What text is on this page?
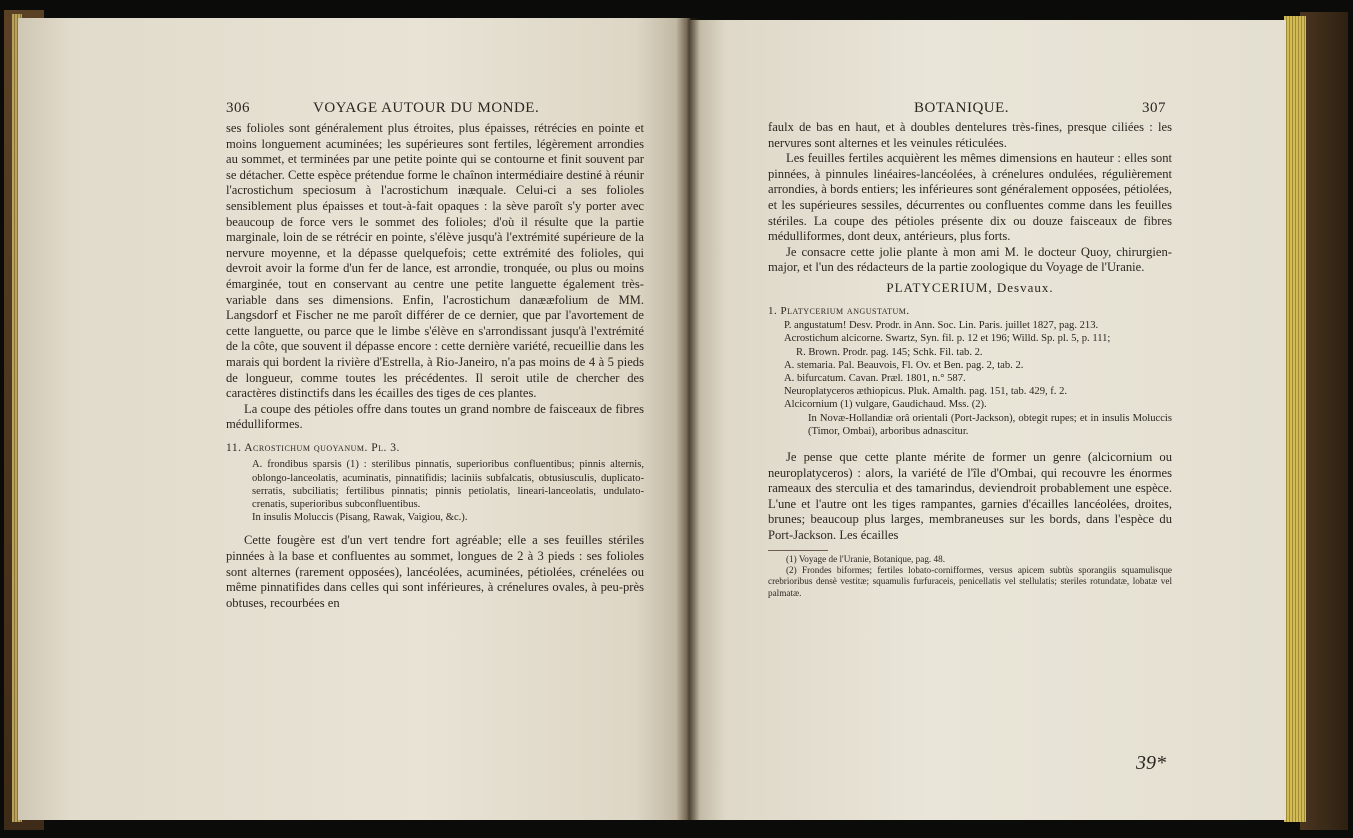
306	VOYAGE AUTOUR DU MONDE.

ses folioles sont généralement plus étroites, plus épaisses, rétrécies en pointe et moins longuement acuminées; les supérieures sont fertiles, légèrement arrondies au sommet, et terminées par une petite pointe qui se contourne et finit souvent par se détacher. Cette espèce prétendue forme le chaînon intermédiaire destiné à réunir l'acrostichum speciosum à l'acrostichum inæquale. Celui-ci a ses folioles sensiblement plus épaisses et tout-à-fait opaques : la sève paroît s'y porter avec beaucoup de force vers le sommet des folioles; d'où il résulte que la partie marginale, loin de se rétrécir en pointe, s'élève jusqu'à l'extrémité supérieure de la nervure moyenne, et la dépasse quelquefois; cette extrémité des folioles, qui devroit avoir la forme d'un fer de lance, est arrondie, tronquée, ou plus ou moins émarginée, tout en conservant au centre une petite languette également très-variable dans ses dimensions. Enfin, l'acrostichum danææfolium de MM. Langsdorf et Fischer ne me paroît différer de ce dernier, que par l'avortement de cette languette, ou parce que le limbe s'élève en s'arrondissant jusqu'à l'extrémité de la côte, que souvent il dépasse encore : cette dernière variété, recueillie dans les marais qui bordent la rivière d'Estrella, à Rio-Janeiro, n'a pas moins de 4 à 5 pieds de longueur, comme toutes les précédentes. Il seroit utile de chercher des caractères distinctifs dans les écailles des tiges de ces plantes.

La coupe des pétioles offre dans toutes un grand nombre de faisceaux de fibres médulliformes.

11. Acrostichum quoyanum. Pl. 3.

A. frondibus sparsis (1) : sterilibus pinnatis, superioribus confluentibus; pinnis alternis, oblongo-lanceolatis, acuminatis, pinnatifidis; laciniis subfalcatis, obtusiusculis, duplicato-serratis, subciliatis; fertilibus pinnatis; pinnis petiolatis, lineari-lanceolatis, undulato-crenatis, superioribus subconfluentibus.

In insulis Moluccis (Pisang, Rawak, Vaigiou, &c.).

Cette fougère est d'un vert tendre fort agréable; elle a ses feuilles stériles pinnées à la base et confluentes au sommet, longues de 2 à 3 pieds : ses folioles sont alternes (rarement opposées), lancéolées, acuminées, pétiolées, crénelées ou même pinnatifides dans celles qui sont inférieures, à crénelures ovales, à peu-près obtuses, recourbées en

BOTANIQUE.	307

faulx de bas en haut, et à doubles dentelures très-fines, presque ciliées : les nervures sont alternes et les veinules réticulées.

Les feuilles fertiles acquièrent les mêmes dimensions en hauteur : elles sont pinnées, à pinnules linéaires-lancéolées, à crénelures ondulées, régulièrement arrondies, à bords entiers; les inférieures sont généralement opposées, pétiolées, et les supérieures sessiles, décurrentes ou confluentes comme dans les feuilles stériles. La coupe des pétioles présente dix ou douze faisceaux de fibres médulliformes, dont deux, antérieurs, plus forts.

Je consacre cette jolie plante à mon ami M. le docteur Quoy, chirurgien-major, et l'un des rédacteurs de la partie zoologique du Voyage de l'Uranie.

PLATYCERIUM, Desvaux.

1. Platycerium angustatum.

P. angustatum! Desv. Prodr. in Ann. Soc. Lin. Paris. juillet 1827, pag. 213.

Acrostichum alcicorne. Swartz, Syn. fil. p. 12 et 196; Willd. Sp. pl. 5, p. 111;

R. Brown. Prodr. pag. 145; Schk. Fil. tab. 2.

A. stemaria. Pal. Beauvois, Fl. Ov. et Ben. pag. 2, tab. 2.

A. bifurcatum. Cavan. Præl. 1801, n.° 587.

Neuroplatyceros æthiopicus. Pluk. Amalth. pag. 151, tab. 429, f. 2.

Alcicornium (1) vulgare, Gaudichaud. Mss. (2).

In Novæ-Hollandiæ orâ orientali (Port-Jackson), obtegit rupes; et in insulis Moluccis (Timor, Ombai), arboribus adnascitur.

Je pense que cette plante mérite de former un genre (alcicornium ou neuroplatyceros) : alors, la variété de l'île d'Ombai, qui recouvre les énormes rameaux des sterculia et des tamarindus, deviendroit probablement une espèce. L'une et l'autre ont les tiges rampantes, garnies d'écailles lancéolées, droites, brunes; beaucoup plus larges, membraneuses sur les bords, dans l'espèce du Port-Jackson. Les écailles

(1) Voyage de l'Uranie, Botanique, pag. 48.

(2) Frondes biformes; fertiles lobato-cornifformes, versus apicem subtùs sporangiis squamulisque crebrioribus densè vestitæ; squamulis furfuraceis, penicellatis vel stellulatis; steriles rotundatæ, lobatæ vel palmatæ.

39*
